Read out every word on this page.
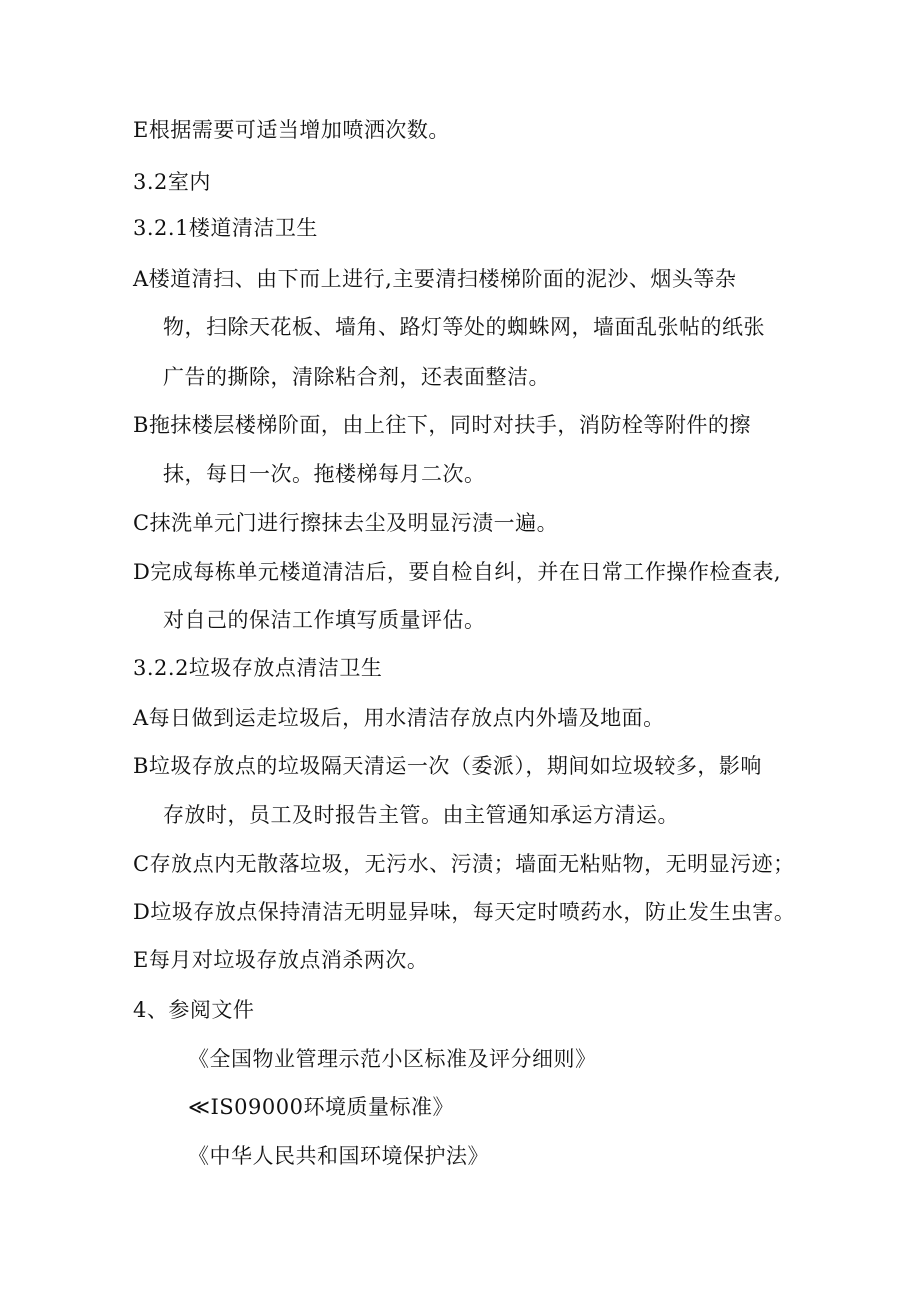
E根据需要可适当增加喷洒次数。
3.2室内
3.2.1楼道清洁卫生
A楼道清扫、由下而上进行,主要清扫楼梯阶面的泥沙、烟头等杂
物，扫除天花板、墙角、路灯等处的蜘蛛网，墙面乱张帖的纸张
广告的撕除，清除粘合剂，还表面整洁。
B拖抹楼层楼梯阶面，由上往下，同时对扶手，消防栓等附件的擦
抹，每日一次。拖楼梯每月二次。
C抹洗单元门进行擦抹去尘及明显污渍一遍。
D完成每栋单元楼道清洁后，要自检自纠，并在日常工作操作检查表,
对自己的保洁工作填写质量评估。
3.2.2垃圾存放点清洁卫生
A每日做到运走垃圾后，用水清洁存放点内外墙及地面。
B垃圾存放点的垃圾隔天清运一次（委派），期间如垃圾较多，影响
存放时，员工及时报告主管。由主管通知承运方清运。
C存放点内无散落垃圾，无污水、污渍；墙面无粘贴物，无明显污迹；
D垃圾存放点保持清洁无明显异味，每天定时喷药水，防止发生虫害。
E每月对垃圾存放点消杀两次。
4、参阅文件
《全国物业管理示范小区标准及评分细则》
≪IS09000环境质量标准》
《中华人民共和国环境保护法》
